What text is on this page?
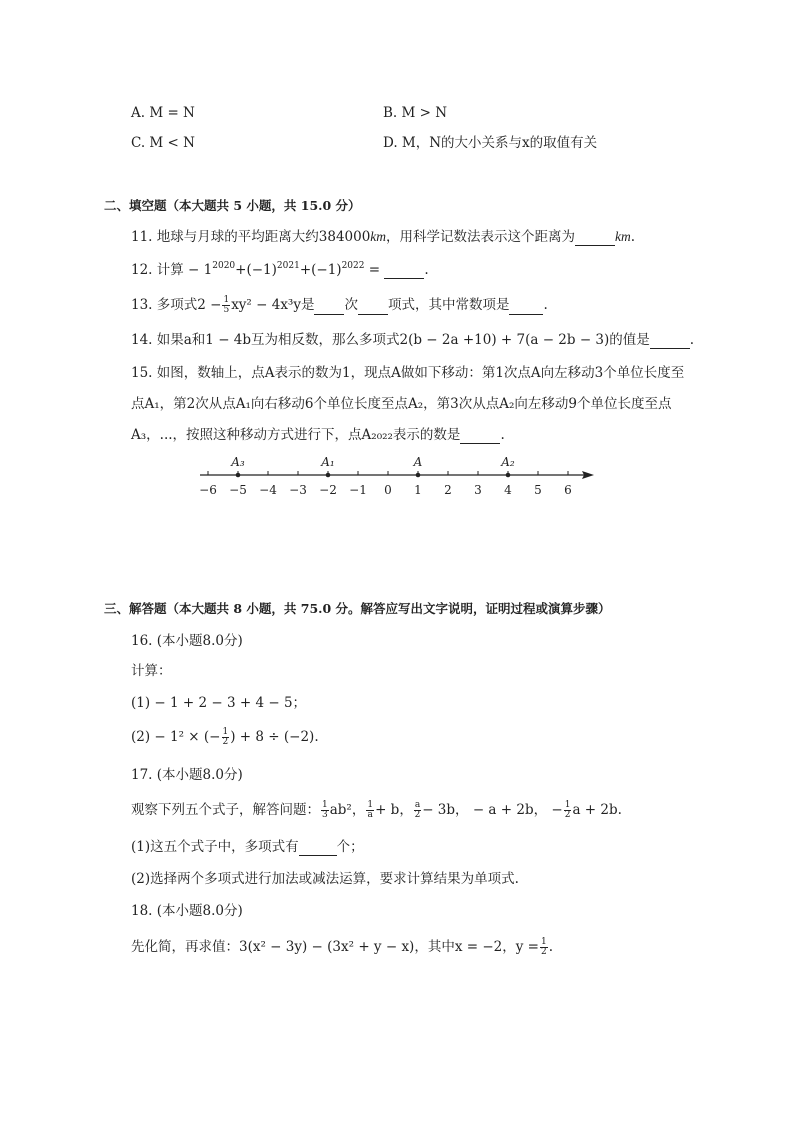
A. M = N	B. M > N
C. M < N	D. M，N的大小关系与x的取值有关
二、填空题（本大题共 5 小题，共 15.0 分）
11. 地球与月球的平均距离大约384000km，用科学记数法表示这个距离为	km.
12. 计算 − $1^{2020}+(-1)^{2021}+(-1)^{2022}$ =	.
13. 多项式$2 - \frac{1}{5} xy^2 - 4x^3y$是 次 项式，其中常数项是	.
14. 如果a和1 − 4b互为相反数，那么多项式2(b − 2a +10) + 7(a − 2b − 3)的值是	.
15. 如图，数轴上，点A表示的数为1，现点A做如下移动：第1次点A向左移动3个单位长度至
点A₁，第2次从点A₁向右移动6个单位长度至点A₂，第3次从点A₂向左移动9个单位长度至点
A₃，...，按照这种移动方式进行下，点A₂₀₂₂表示的数是	.
−6 −5 −4 −3 −2 −1 0 1 2 3 4 5 6
A₃	A₁	A	A₂
三、解答题（本大题共 8 小题，共 75.0 分。解答应写出文字说明，证明过程或演算步骤）
16. (本小题8.0分)
计算：
(1) − 1 + 2 − 3 + 4 − 5；
(2) − 1² × (− $\frac{1}{2}$ ) + 8 ÷ (−2).
17. (本小题8.0分)
观察下列五个式子，解答问题： $\frac{1}{3} ab^2$， $\frac{1}{a} + b$， $\frac{a}{2} - 3b$， − a + 2b， − $\frac{1}{2}$ a + 2b.
(1)这五个式子中，多项式有	个；
(2)选择两个多项式进行加法或减法运算，要求计算结果为单项式.
18. (本小题8.0分)
先化简，再求值：3(x² − 3y) − (3x² + y − x)，其中x = −2，$y = \frac{1}{2}$ .
